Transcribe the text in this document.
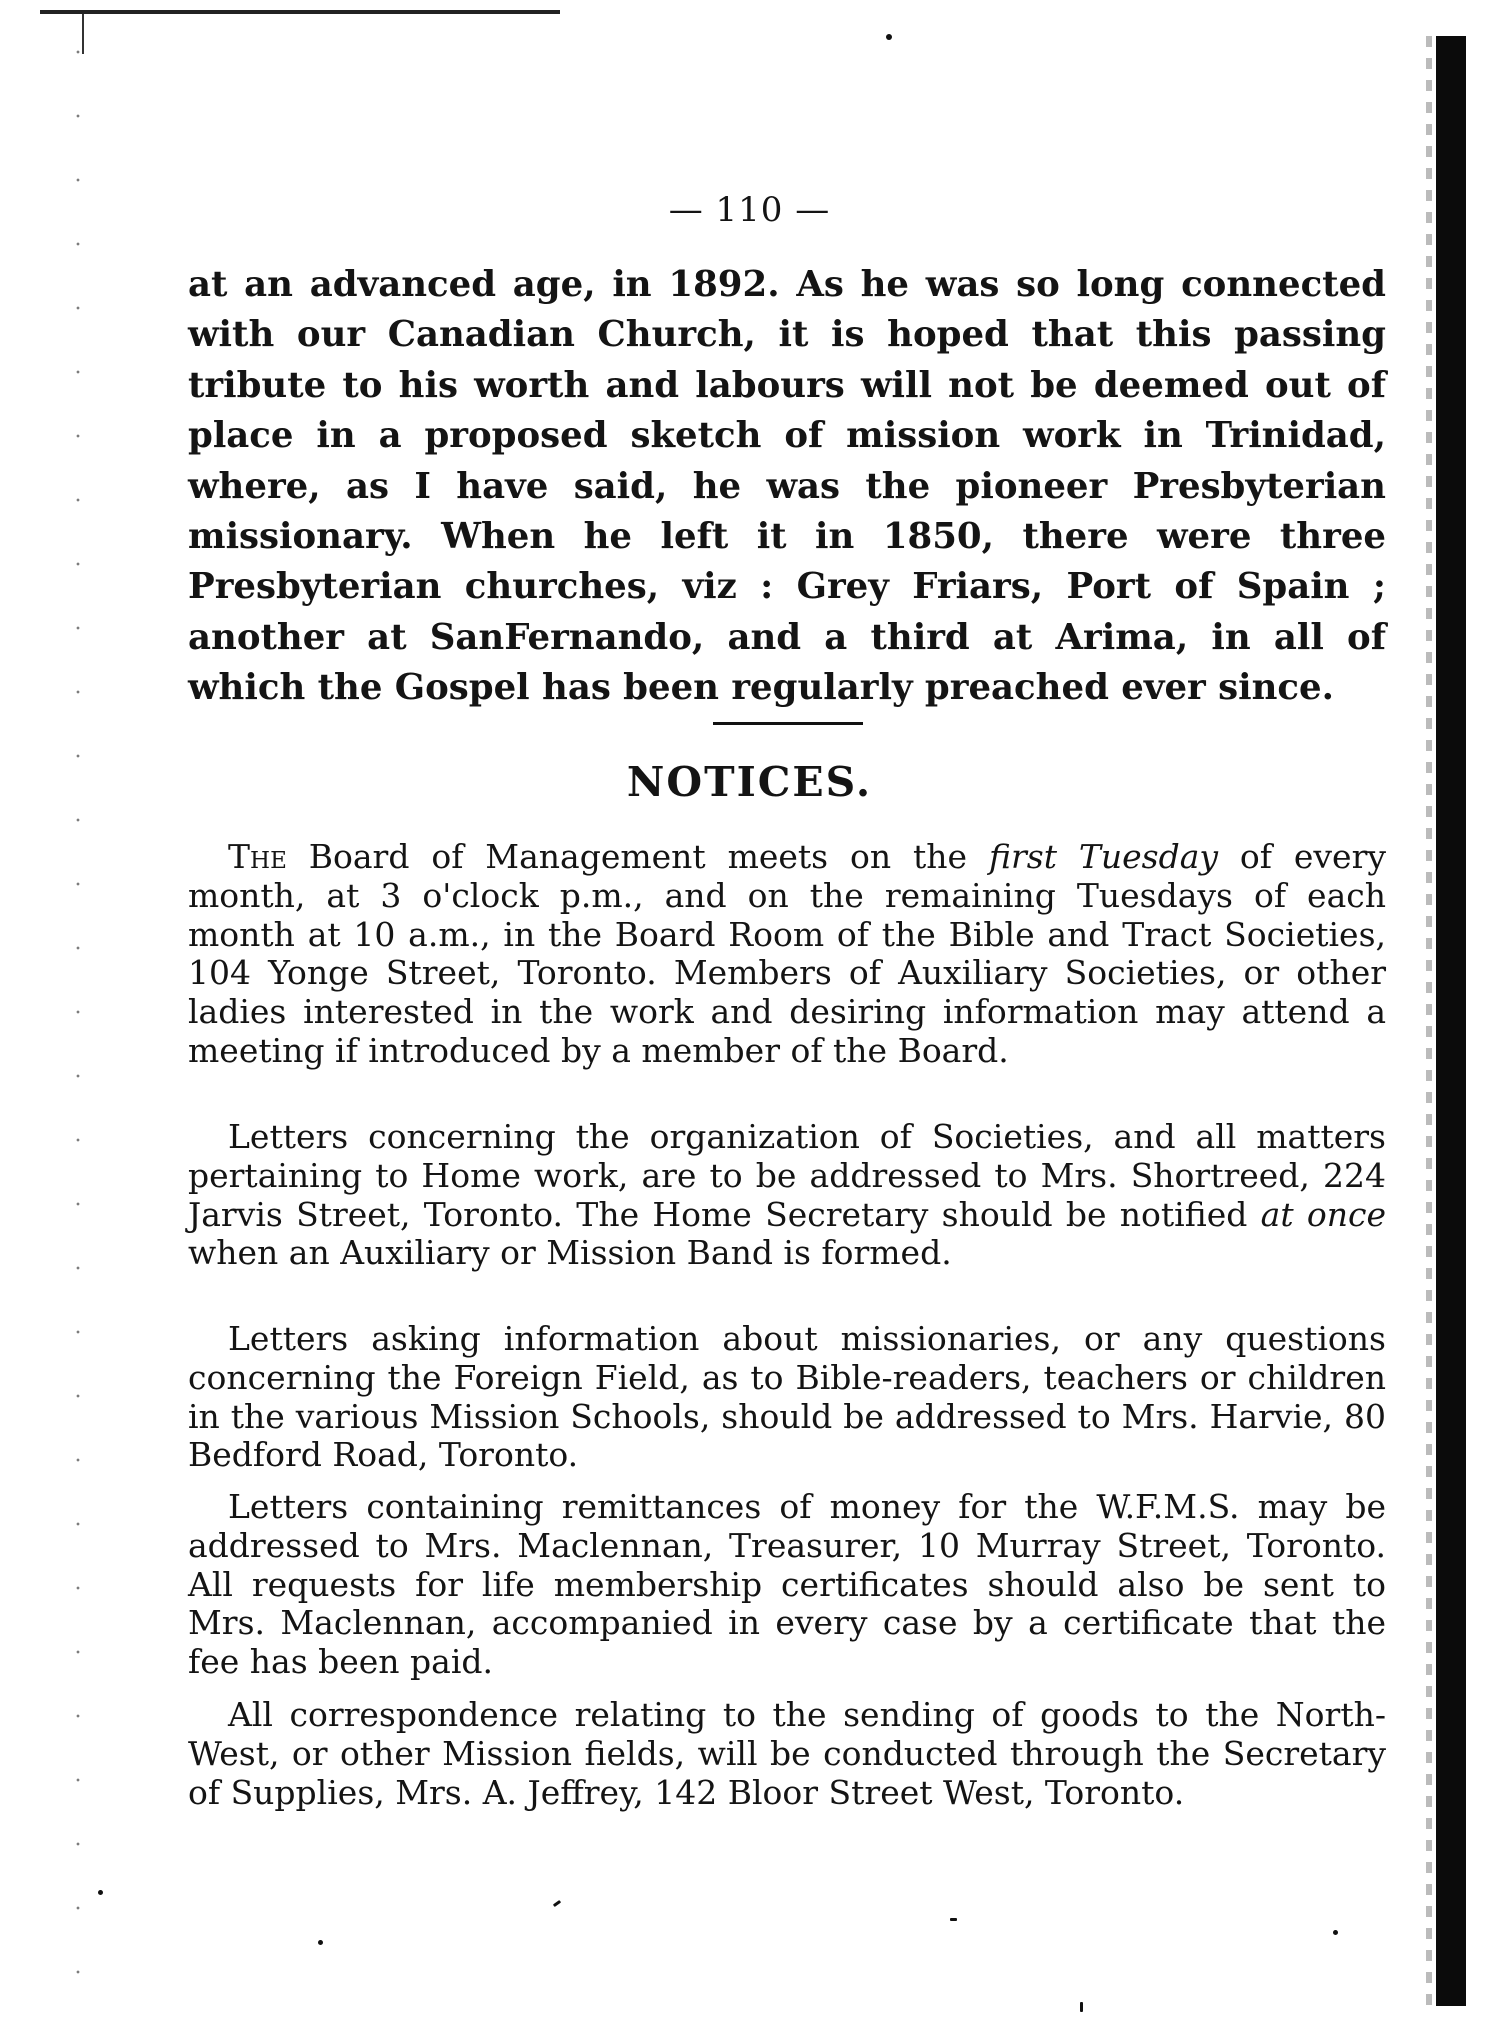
— 110 —

at an advanced age, in 1892. As he was so long connected with our Canadian Church, it is hoped that this passing tribute to his worth and labours will not be deemed out of place in a proposed sketch of mission work in Trinidad, where, as I have said, he was the pioneer Presbyterian missionary. When he left it in 1850, there were three Presbyterian churches, viz : Grey Friars, Port of Spain ; another at SanFernando, and a third at Arima, in all of which the Gospel has been regularly preached ever since.

NOTICES.

The Board of Management meets on the first Tuesday of every month, at 3 o'clock p.m., and on the remaining Tuesdays of each month at 10 a.m., in the Board Room of the Bible and Tract Societies, 104 Yonge Street, Toronto. Members of Auxiliary Societies, or other ladies interested in the work and desiring information may attend a meeting if introduced by a member of the Board.

Letters concerning the organization of Societies, and all matters pertaining to Home work, are to be addressed to Mrs. Shortreed, 224 Jarvis Street, Toronto. The Home Secretary should be notified at once when an Auxiliary or Mission Band is formed.

Letters asking information about missionaries, or any questions concerning the Foreign Field, as to Bible-readers, teachers or children in the various Mission Schools, should be addressed to Mrs. Harvie, 80 Bedford Road, Toronto.

Letters containing remittances of money for the W.F.M.S. may be addressed to Mrs. Maclennan, Treasurer, 10 Murray Street, Toronto. All requests for life membership certificates should also be sent to Mrs. Maclennan, accompanied in every case by a certificate that the fee has been paid.

All correspondence relating to the sending of goods to the North-West, or other Mission fields, will be conducted through the Secretary of Supplies, Mrs. A. Jeffrey, 142 Bloor Street West, Toronto.
